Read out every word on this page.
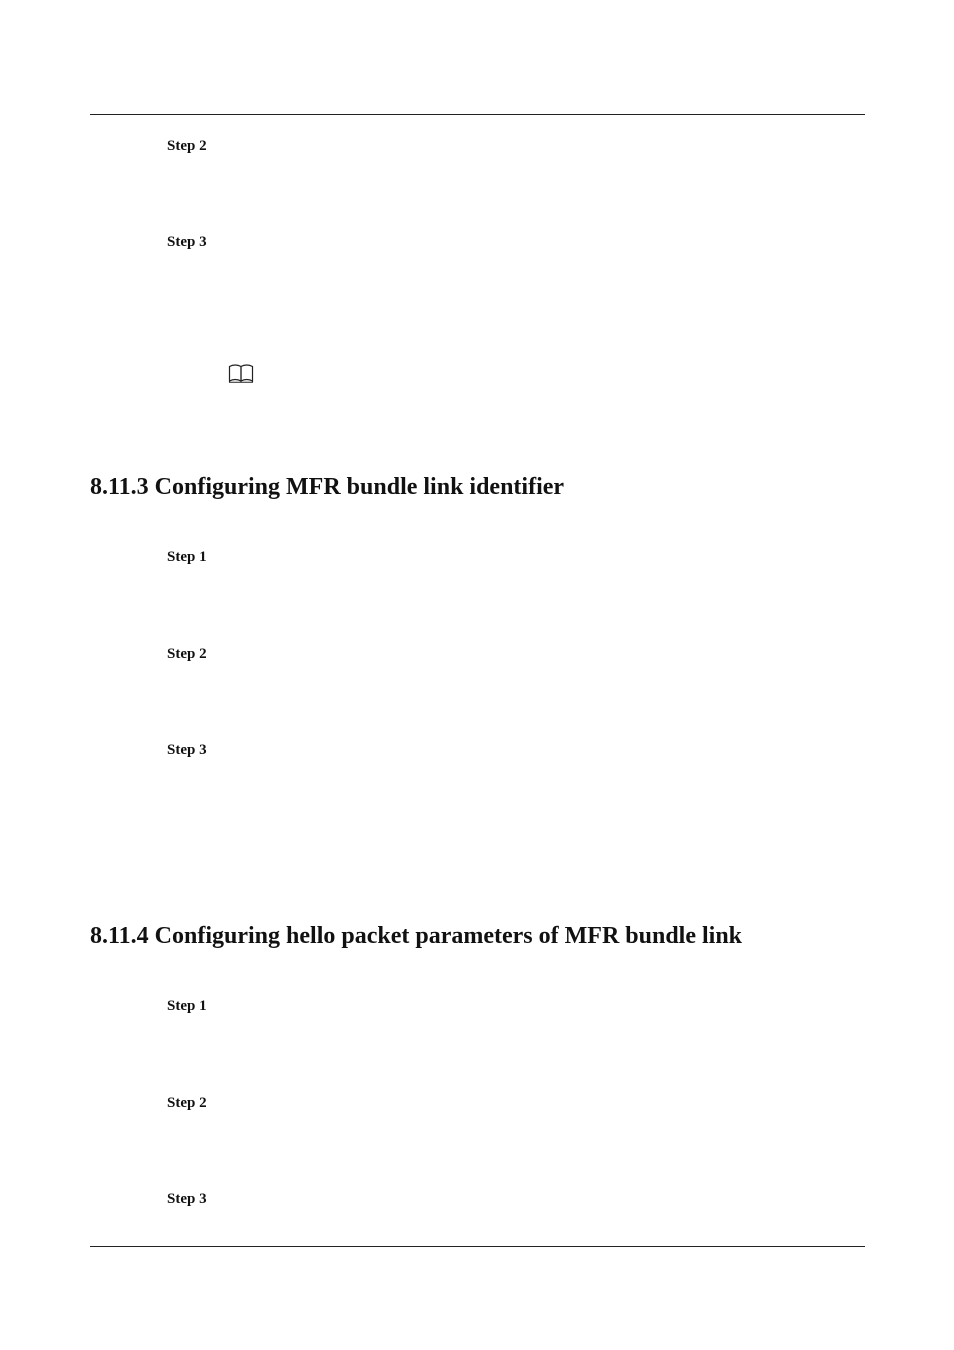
Step 2
Step 3
8.11.3 Configuring MFR bundle link identifier
Step 1
Step 2
Step 3
8.11.4 Configuring hello packet parameters of MFR bundle link
Step 1
Step 2
Step 3
